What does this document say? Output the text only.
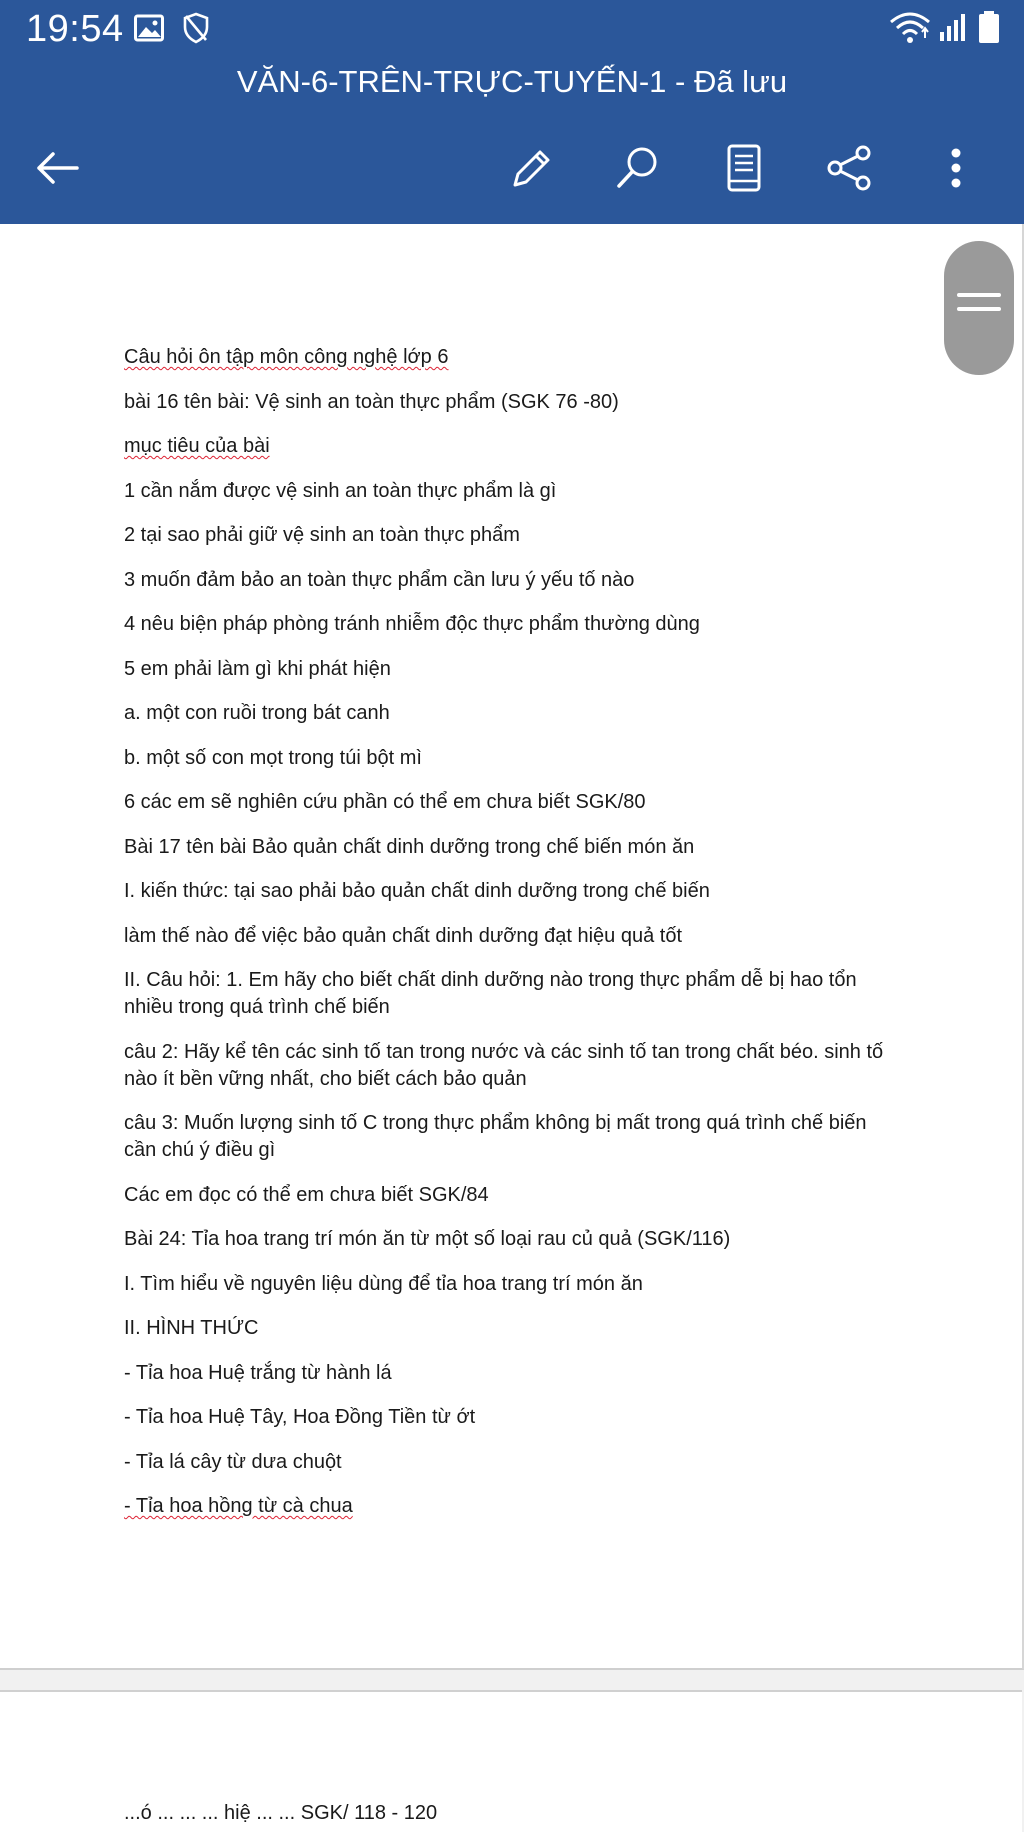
19:54
VĂN-6-TRÊN-TRỰC-TUYẾN-1 - Đã lưu

Câu hỏi ôn tập môn công nghệ lớp 6

bài 16 tên bài: Vệ sinh an toàn thực phẩm (SGK 76 -80)

mục tiêu của bài

1 cần nắm được vệ sinh an toàn thực phẩm là gì

2 tại sao phải giữ vệ sinh an toàn thực phẩm

3 muốn đảm bảo an toàn thực phẩm cần lưu ý yếu tố nào

4 nêu biện pháp phòng tránh nhiễm độc thực phẩm thường dùng

5 em phải làm gì khi phát hiện

a. một con ruồi trong bát canh

b. một số con mọt trong túi bột mì

6 các em sẽ nghiên cứu phần có thể em chưa biết SGK/80

Bài 17 tên bài Bảo quản chất dinh dưỡng trong chế biến món ăn

I. kiến thức: tại sao phải bảo quản chất dinh dưỡng trong chế biến

làm thế nào để việc bảo quản chất dinh dưỡng đạt hiệu quả tốt

II. Câu hỏi: 1. Em hãy cho biết chất dinh dưỡng nào trong thực phẩm dễ bị hao tổn nhiều trong quá trình chế biến

câu 2: Hãy kể tên các sinh tố tan trong nước và các sinh tố tan trong chất béo. sinh tố nào ít bền vững nhất, cho biết cách bảo quản

câu 3: Muốn lượng sinh tố C trong thực phẩm không bị mất trong quá trình chế biến cần chú ý điều gì

Các em đọc có thể em chưa biết SGK/84

Bài 24: Tỉa hoa trang trí món ăn từ một số loại rau củ quả (SGK/116)

I. Tìm hiểu về nguyên liệu dùng để tỉa hoa trang trí món ăn

II. HÌNH THỨC

- Tỉa hoa Huệ trắng từ hành lá

- Tỉa hoa Huệ Tây, Hoa Đồng Tiền từ ớt

- Tỉa lá cây từ dưa chuột

- Tỉa hoa hồng từ cà chua

...ó ... ... ... hiệ ... ... SGK/ 118 - 120
